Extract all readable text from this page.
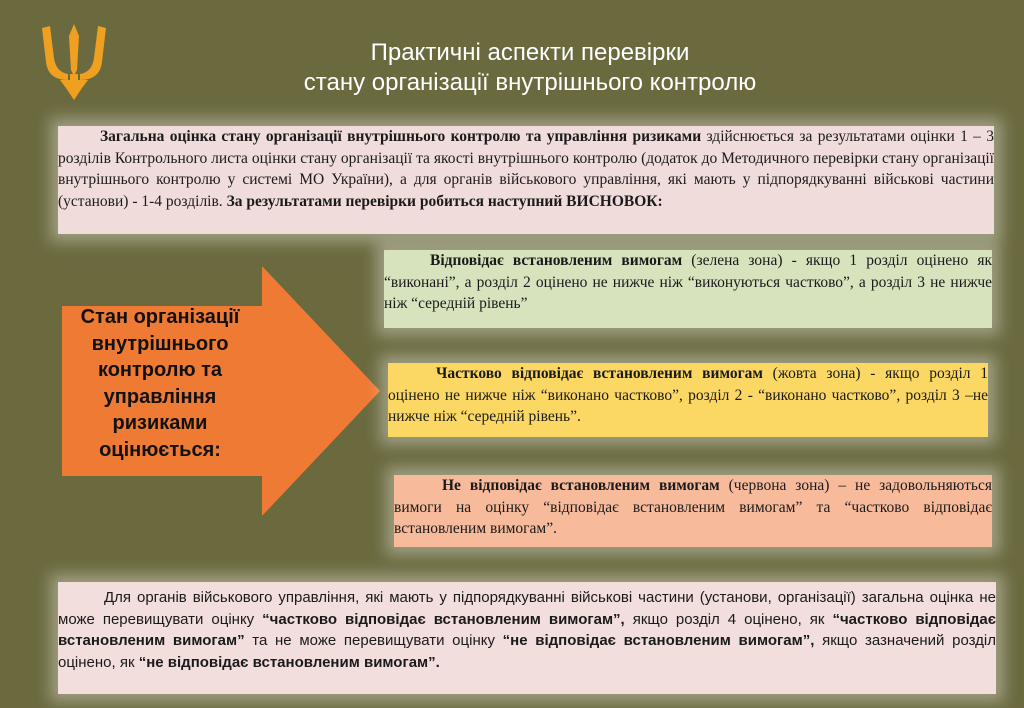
Практичні аспекти перевірки
стану організації внутрішнього контролю

Загальна оцінка стану організації внутрішнього контролю та управління ризиками здійснюється за результатами оцінки 1 – 3 розділів Контрольного листа оцінки стану організації та якості внутрішнього контролю (додаток до Методичного перевірки стану організації внутрішнього контролю у системі МО України), а для органів військового управління, які мають у підпорядкуванні військові частини (установи) - 1-4 розділів. За результатами перевірки робиться наступний ВИСНОВОК:

Стан організації внутрішнього контролю та управління ризиками оцінюється:

Відповідає встановленим вимогам (зелена зона) - якщо 1 розділ оцінено як “виконані”, а розділ 2 оцінено не нижче ніж “виконуються частково”, а розділ 3 не нижче ніж “середній рівень”

Частково відповідає встановленим вимогам (жовта зона) - якщо розділ 1 оцінено не нижче ніж “виконано частково”, розділ 2 - “виконано частково”, розділ 3 –не нижче ніж “середній рівень”.

Не відповідає встановленим вимогам (червона зона) – не задовольняються вимоги на оцінку “відповідає встановленим вимогам” та “частково відповідає встановленим вимогам”.

Для органів військового управління, які мають у підпорядкуванні військові частини (установи, організації) загальна оцінка не може перевищувати оцінку “частково відповідає встановленим вимогам”, якщо розділ 4 оцінено, як “частково відповідає встановленим вимогам” та не може перевищувати оцінку “не відповідає встановленим вимогам”, якщо зазначений розділ оцінено, як “не відповідає встановленим вимогам”.
